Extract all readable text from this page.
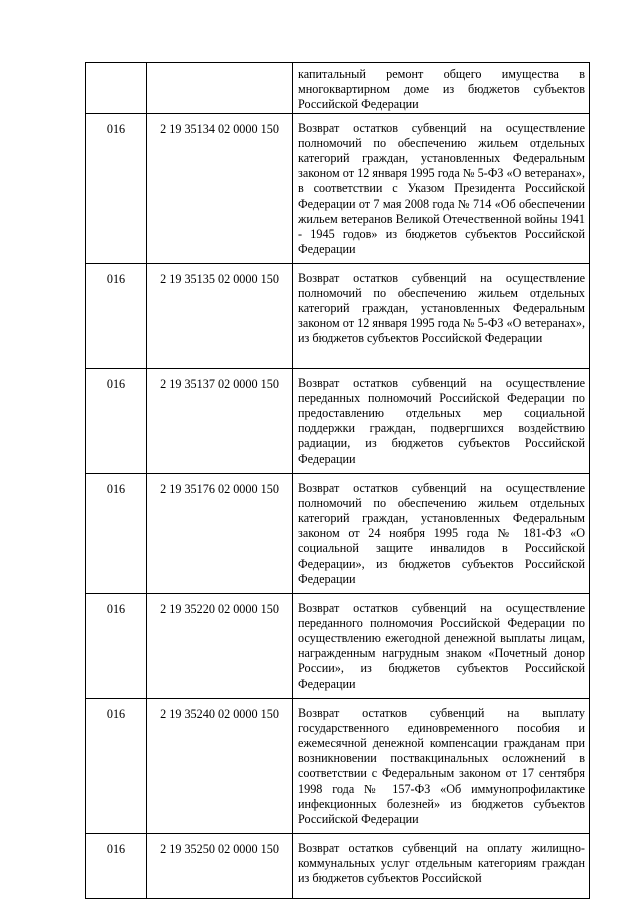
		капитальный ремонт общего имущества в многоквартирном доме из бюджетов субъектов Российской Федерации
016	2 19 35134 02 0000 150	Возврат остатков субвенций на осуществление полномочий по обеспечению жильем отдельных категорий граждан, установленных Федеральным законом от 12 января 1995 года № 5-ФЗ «О ветеранах», в соответствии с Указом Президента Российской Федерации от 7 мая 2008 года № 714 «Об обеспечении жильем ветеранов Великой Отечественной войны 1941 - 1945 годов» из бюджетов субъектов Российской Федерации
016	2 19 35135 02 0000 150	Возврат остатков субвенций на осуществление полномочий по обеспечению жильем отдельных категорий граждан, установленных Федеральным законом от 12 января 1995 года № 5-ФЗ «О ветеранах», из бюджетов субъектов Российской Федерации
016	2 19 35137 02 0000 150	Возврат остатков субвенций на осуществление переданных полномочий Российской Федерации по предоставлению отдельных мер социальной поддержки граждан, подвергшихся воздействию радиации, из бюджетов субъектов Российской Федерации
016	2 19 35176 02 0000 150	Возврат остатков субвенций на осуществление полномочий по обеспечению жильем отдельных категорий граждан, установленных Федеральным законом от 24 ноября 1995 года № 181-ФЗ «О социальной защите инвалидов в Российской Федерации», из бюджетов субъектов Российской Федерации
016	2 19 35220 02 0000 150	Возврат остатков субвенций на осуществление переданного полномочия Российской Федерации по осуществлению ежегодной денежной выплаты лицам, награжденным нагрудным знаком «Почетный донор России», из бюджетов субъектов Российской Федерации
016	2 19 35240 02 0000 150	Возврат остатков субвенций на выплату государственного единовременного пособия и ежемесячной денежной компенсации гражданам при возникновении поствакцинальных осложнений в соответствии с Федеральным законом от 17 сентября 1998 года № 157-ФЗ «Об иммунопрофилактике инфекционных болезней» из бюджетов субъектов Российской Федерации
016	2 19 35250 02 0000 150	Возврат остатков субвенций на оплату жилищно-коммунальных услуг отдельным категориям граждан из бюджетов субъектов Российской
